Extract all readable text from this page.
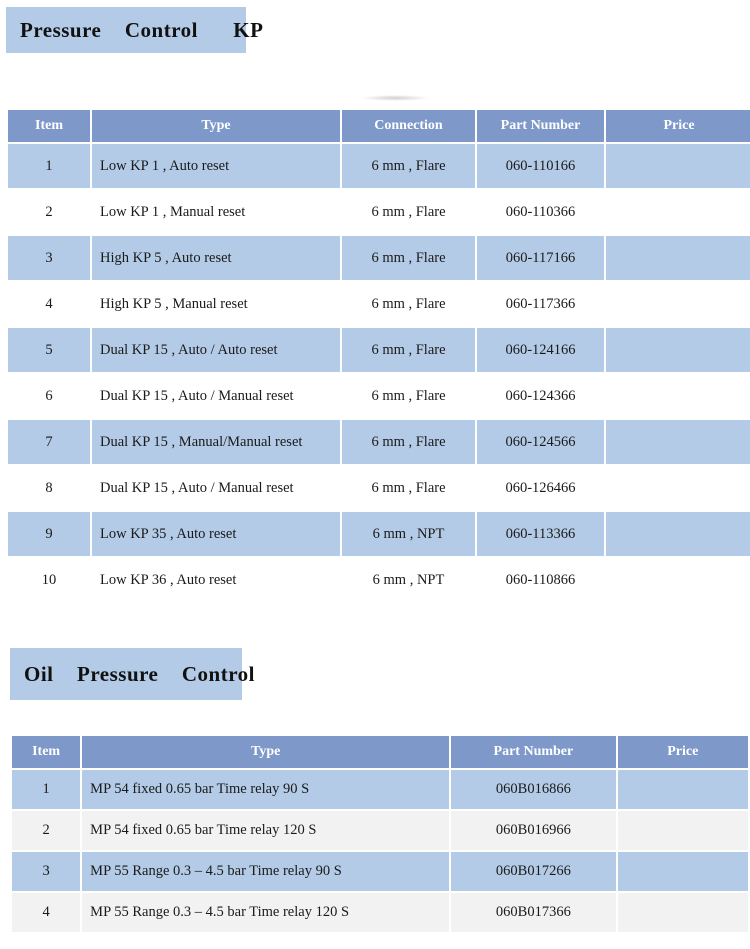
Pressure  Control   KP
Item	Type	Connection	Part Number	Price
1	Low KP 1 , Auto reset	6 mm , Flare	060-110166	
2	Low KP 1 , Manual reset	6 mm , Flare	060-110366	
3	High KP 5 , Auto reset	6 mm , Flare	060-117166	
4	High KP 5 , Manual reset	6 mm , Flare	060-117366	
5	Dual KP 15 , Auto / Auto reset	6 mm , Flare	060-124166	
6	Dual KP 15 , Auto / Manual reset	6 mm , Flare	060-124366	
7	Dual KP 15 , Manual/Manual reset	6 mm , Flare	060-124566	
8	Dual KP 15 , Auto / Manual reset	6 mm , Flare	060-126466	
9	Low KP 35 , Auto reset	6 mm , NPT	060-113366	
10	Low KP 36 , Auto reset	6 mm , NPT	060-110866	
Oil  Pressure  Control
Item	Type	Part Number	Price
1	MP 54 fixed 0.65 bar Time relay 90 S	060B016866	
2	MP 54 fixed 0.65 bar Time relay 120 S	060B016966	
3	MP 55 Range 0.3 – 4.5 bar Time relay 90 S	060B017266	
4	MP 55 Range 0.3 – 4.5 bar Time relay 120 S	060B017366	
